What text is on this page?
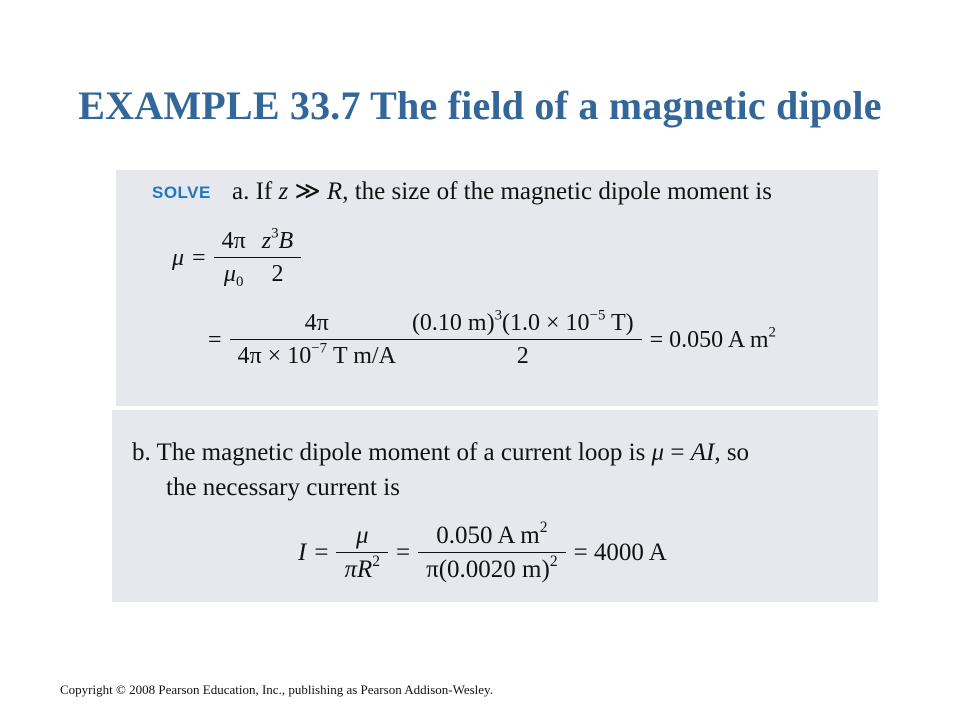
EXAMPLE 33.7 The field of a magnetic dipole
SOLVE a. If z ≫ R, the size of the magnetic dipole moment is
$\mu = \frac{4\pi}{\mu_0} \frac{z^3B}{2}$
= $\frac{4\pi}{4\pi \times 10^{-7} T m/A} \frac{(0.10 m)^3(1.0 \times 10^{-5} T)}{2} = 0.050$ A $m^2$
b. The magnetic dipole moment of a current loop is μ = AI, so
the necessary current is
$I = \frac{\mu}{\pi R^2} = \frac{0.050 A m^2}{\pi(0.0020 m)^2} = 4000$ A
Copyright © 2008 Pearson Education, Inc., publishing as Pearson Addison-Wesley.
